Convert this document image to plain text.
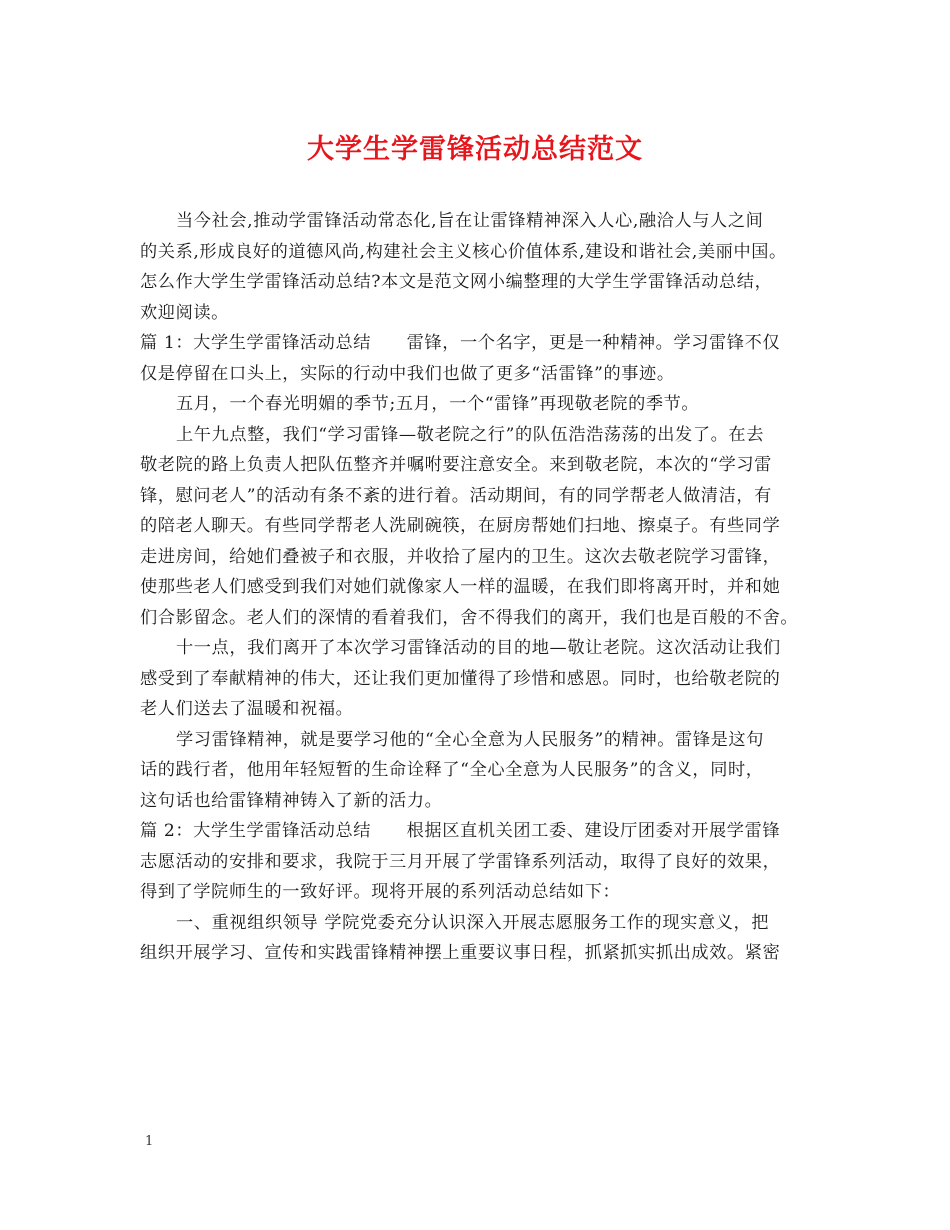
大学生学雷锋活动总结范文
当今社会,推动学雷锋活动常态化,旨在让雷锋精神深入人心,融洽人与人之间
的关系,形成良好的道德风尚,构建社会主义核心价值体系,建设和谐社会,美丽中国。
怎么作大学生学雷锋活动总结?本文是范文网小编整理的大学生学雷锋活动总结，
欢迎阅读。
篇 1：大学生学雷锋活动总结　　雷锋，一个名字，更是一种精神。学习雷锋不仅
仅是停留在口头上，实际的行动中我们也做了更多“活雷锋”的事迹。
五月，一个春光明媚的季节;五月，一个“雷锋”再现敬老院的季节。
上午九点整，我们“学习雷锋—敬老院之行”的队伍浩浩荡荡的出发了。在去
敬老院的路上负责人把队伍整齐并嘱咐要注意安全。来到敬老院，本次的“学习雷
锋，慰问老人”的活动有条不紊的进行着。活动期间，有的同学帮老人做清洁，有
的陪老人聊天。有些同学帮老人洗刷碗筷，在厨房帮她们扫地、擦桌子。有些同学
走进房间，给她们叠被子和衣服，并收拾了屋内的卫生。这次去敬老院学习雷锋，
使那些老人们感受到我们对她们就像家人一样的温暖，在我们即将离开时，并和她
们合影留念。老人们的深情的看着我们，舍不得我们的离开，我们也是百般的不舍。
十一点，我们离开了本次学习雷锋活动的目的地—敬让老院。这次活动让我们
感受到了奉献精神的伟大，还让我们更加懂得了珍惜和感恩。同时，也给敬老院的
老人们送去了温暖和祝福。
学习雷锋精神，就是要学习他的“全心全意为人民服务”的精神。雷锋是这句
话的践行者，他用年轻短暂的生命诠释了“全心全意为人民服务”的含义，同时，
这句话也给雷锋精神铸入了新的活力。
篇 2：大学生学雷锋活动总结　　根据区直机关团工委、建设厅团委对开展学雷锋
志愿活动的安排和要求，我院于三月开展了学雷锋系列活动，取得了良好的效果，
得到了学院师生的一致好评。现将开展的系列活动总结如下：
一、重视组织领导 学院党委充分认识深入开展志愿服务工作的现实意义，把
组织开展学习、宣传和实践雷锋精神摆上重要议事日程，抓紧抓实抓出成效。紧密
1
